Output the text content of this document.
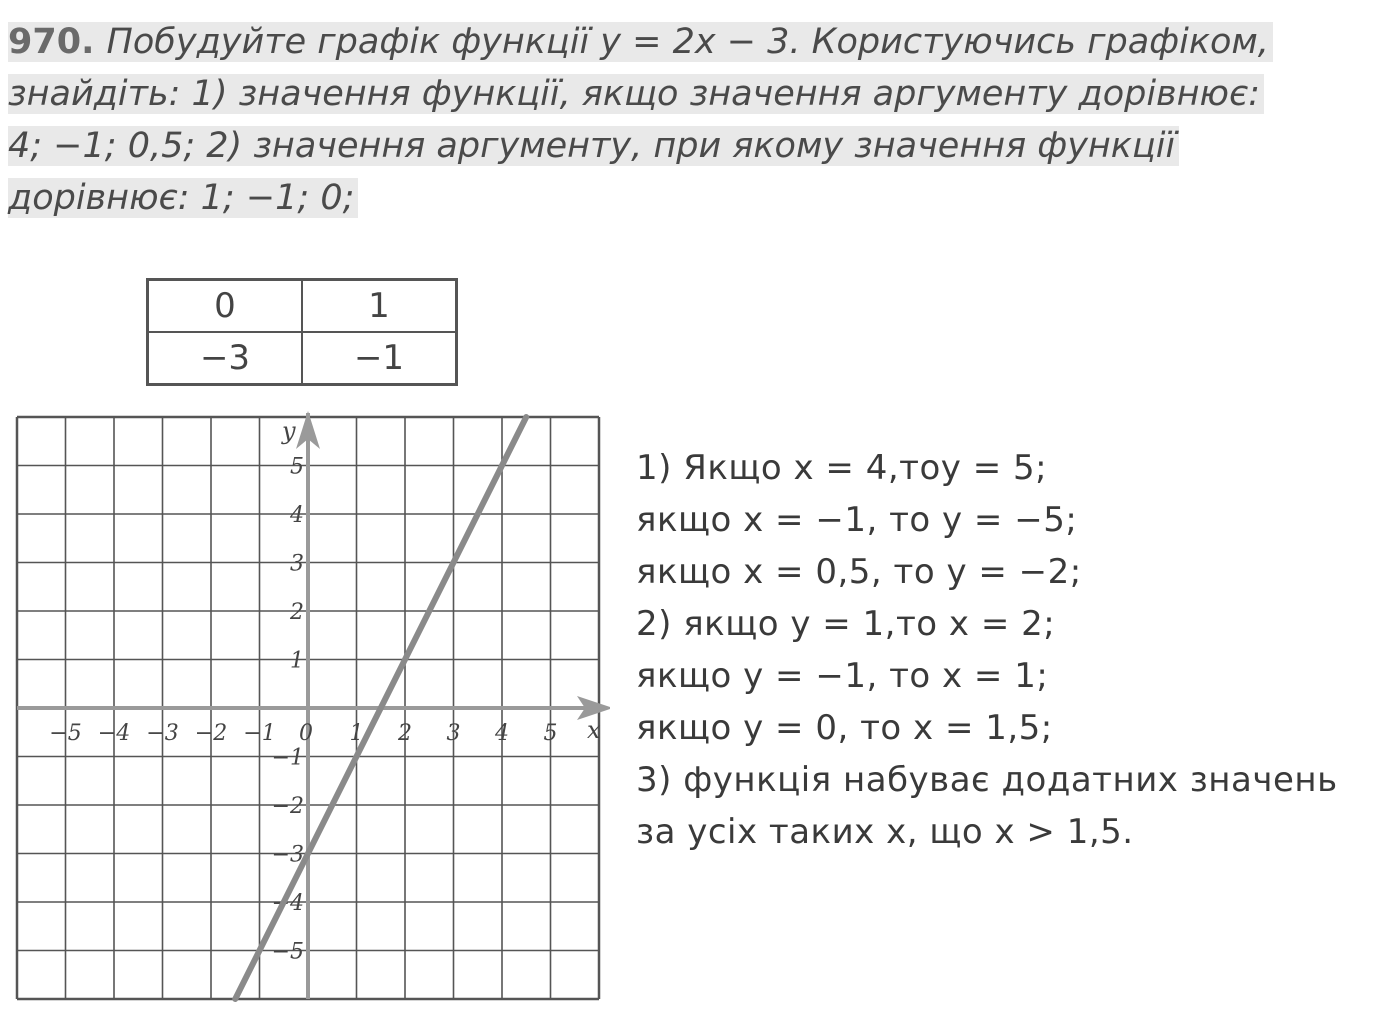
970. Побудуйте графік функції y = 2x − 3. Користуючись графіком,
знайдіть: 1) значення функції, якщо значення аргументу дорівнює:
4; −1; 0,5; 2) значення аргументу, при якому значення функції
дорівнює: 1; −1; 0;
0	1
−3	−1
−5 −4 −3 −2 −1 0 1 2 3 4 5
5
4
3
2
1
−1
−2
−3
−4
−5
x
y
1) Якщо x = 4,тоy = 5;
якщо x = −1, то y = −5;
якщо x = 0,5, то y = −2;
2) якщо y = 1,то x = 2;
якщо y = −1, то x = 1;
якщо y = 0, то x = 1,5;
3) функція набуває додатних значень
за усіх таких x, що x > 1,5.
